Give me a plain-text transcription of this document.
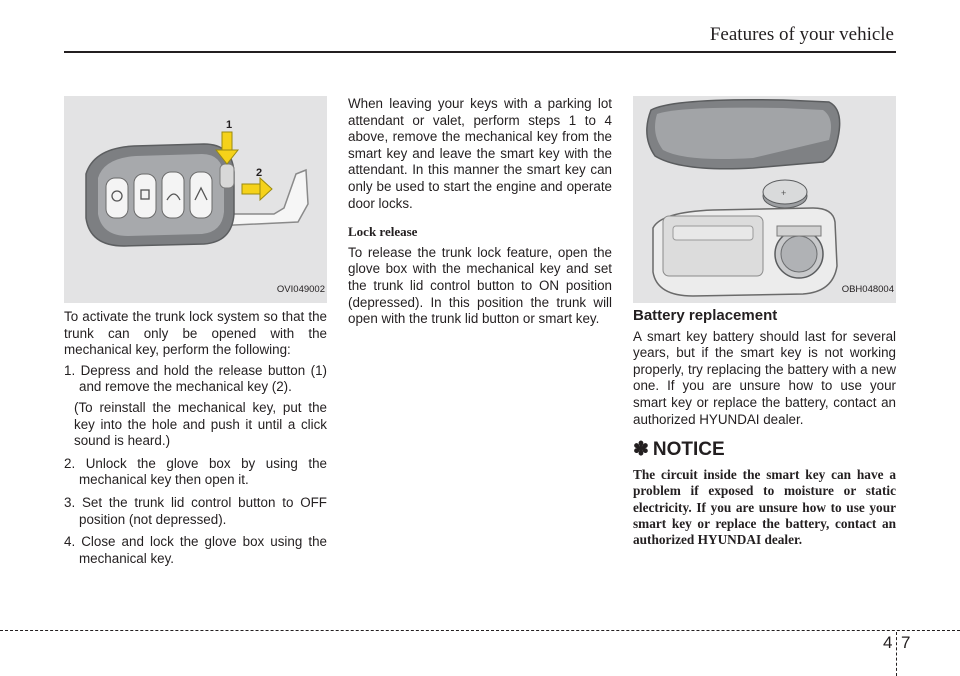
Features of your vehicle
1
2
OVI049002

To activate the trunk lock system so that the trunk can only be opened with the mechanical key, perform the following:

1. Depress and hold the release button (1) and remove the mechanical key (2).
(To reinstall the mechanical key, put the key into the hole and push it until a click sound is heard.)
2. Unlock the glove box by using the mechanical key then open it.
3. Set the trunk lid control button to OFF position (not depressed).
4. Close and lock the glove box using the mechanical key.

When leaving your keys with a parking lot attendant or valet, perform steps 1 to 4 above, remove the mechanical key from the smart key and leave the smart key with the attendant. In this manner the smart key can only be used to start the engine and operate door locks.

Lock release

To release the trunk lock feature, open the glove box with the mechanical key and set the trunk lid control button to ON position (depressed). In this position the trunk will open with the trunk lid button or smart key.

+
OBH048004
Battery replacement

A smart key battery should last for several years, but if the smart key is not working properly, try replacing the battery with a new one. If you are unsure how to use your smart key or replace the battery, contact an authorized HYUNDAI dealer.

✽ NOTICE
The circuit inside the smart key can have a problem if exposed to moisture or static electricity. If you are unsure how to use your smart key or replace the battery, contact an authorized HYUNDAI dealer.
4 7
